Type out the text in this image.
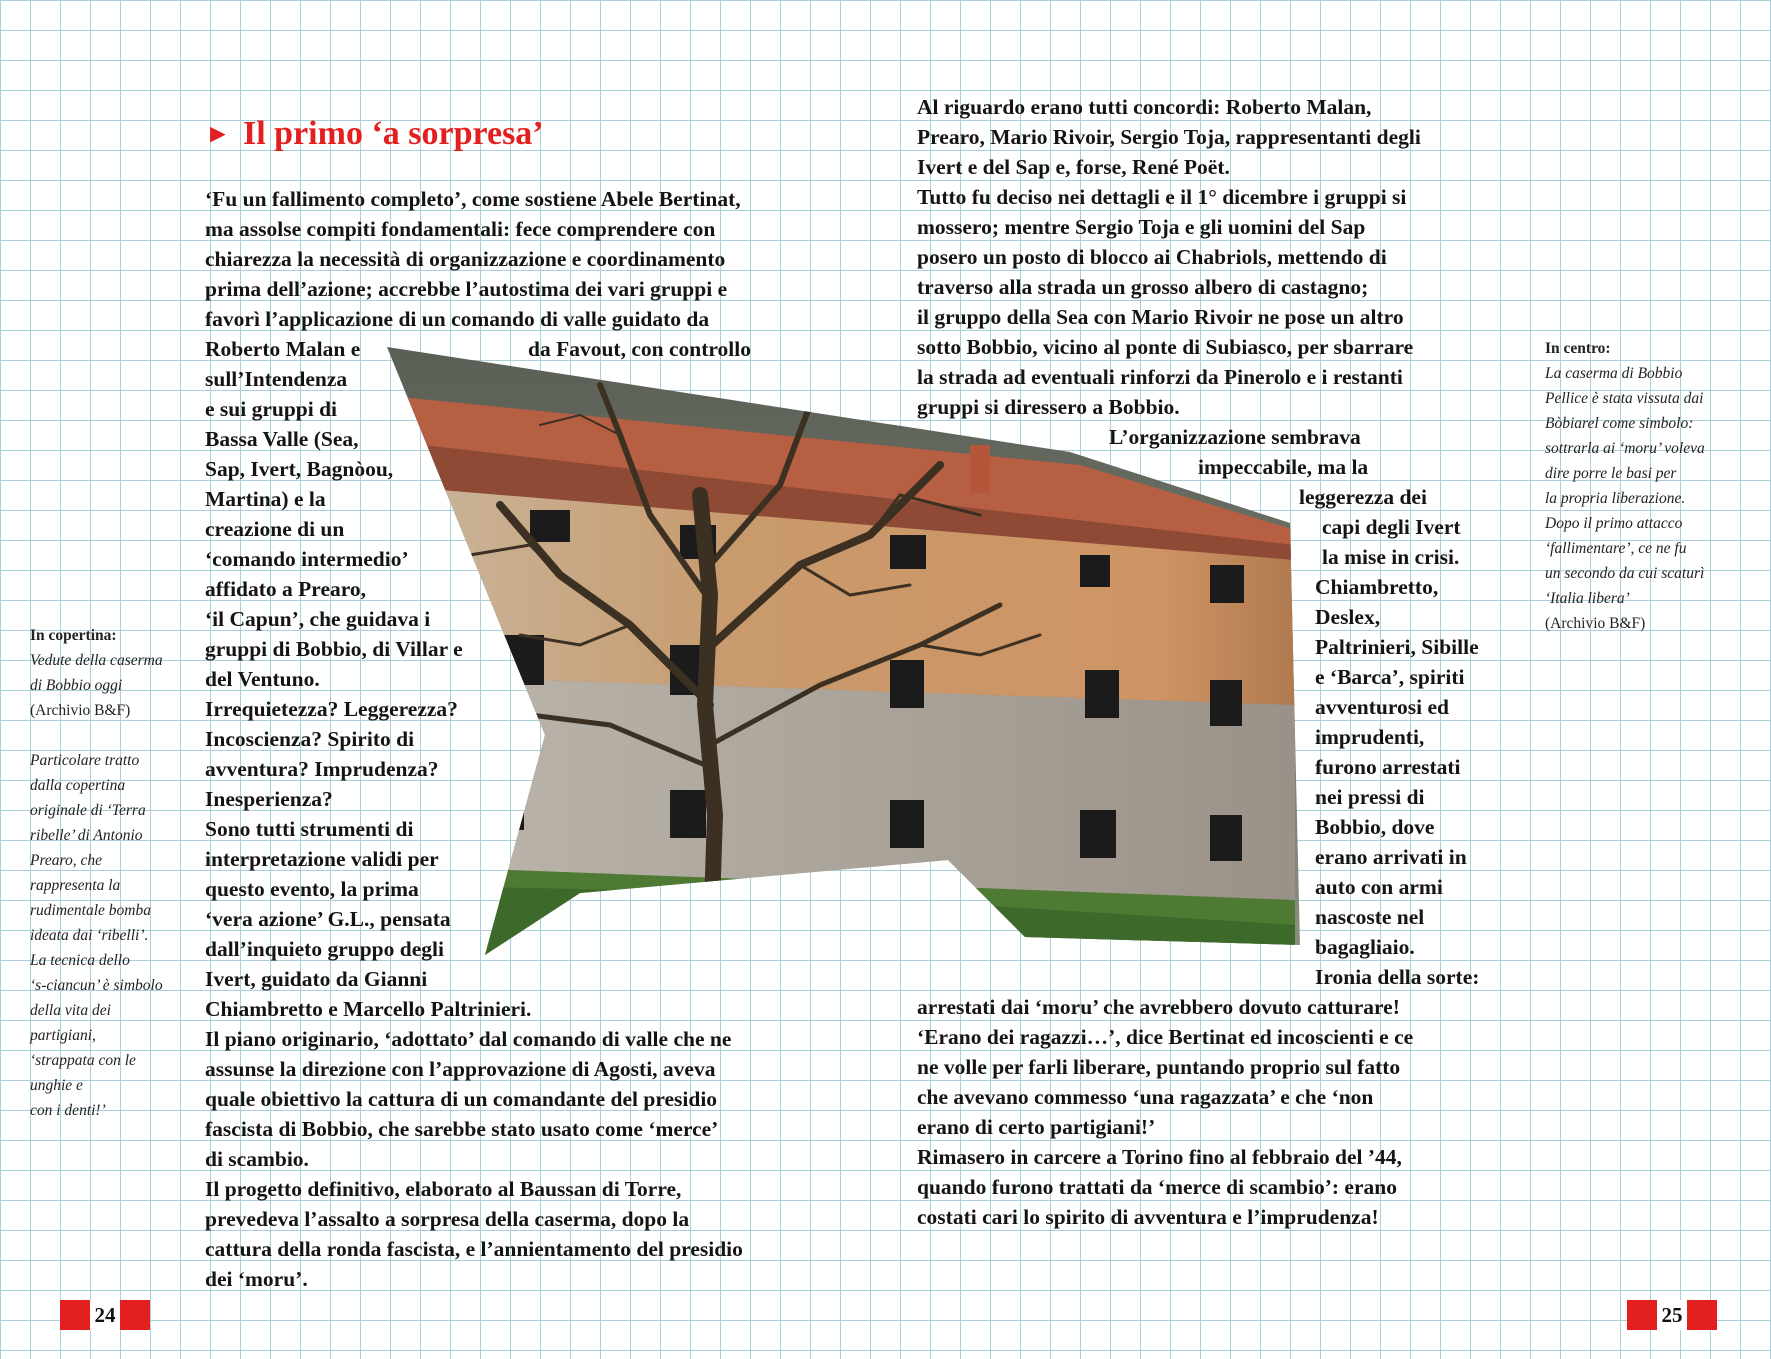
► Il primo ‘a sorpresa’
In copertina:
Vedute della caserma
di Bobbio oggi
(Archivio B&F)
Particolare tratto
dalla copertina
originale di ‘Terra
ribelle’ di Antonio
Prearo, che
rappresenta la
rudimentale bomba
ideata dai ‘ribelli’.
La tecnica dello
‘s-ciancun’ è simbolo
della vita dei
partigiani,
‘strappata con le
unghie e
con i denti!’
In centro:
La caserma di Bobbio
Pellice è stata vissuta dai
Bòbiarel come simbolo:
sottrarla ai ‘moru’ voleva
dire porre le basi per
la propria liberazione.
Dopo il primo attacco
‘fallimentare’, ce ne fu
un secondo da cui scaturì
‘Italia libera’
(Archivio B&F)
‘Fu un fallimento completo’, come sostiene Abele Bertinat,
ma assolse compiti fondamentali: fece comprendere con
chiarezza la necessità di organizzazione e coordinamento
prima dell’azione; accrebbe l’autostima dei vari gruppi e
favorì l’applicazione di un comando di valle guidato da
Roberto Malan e	da Favout, con controllo
sull’Intendenza
e sui gruppi di
Bassa Valle (Sea,
Sap, Ivert, Bagnòou,
Martina) e la
creazione di un
‘comando intermedio’
affidato a Prearo,
‘il Capun’, che guidava i
gruppi di Bobbio, di Villar e
del Ventuno.
Irrequietezza? Leggerezza?
Incoscienza? Spirito di
avventura? Imprudenza?
Inesperienza?
Sono tutti strumenti di
interpretazione validi per
questo evento, la prima
‘vera azione’ G.L., pensata
dall’inquieto gruppo degli
Ivert, guidato da Gianni
Chiambretto e Marcello Paltrinieri.
Il piano originario, ‘adottato’ dal comando di valle che ne
assunse la direzione con l’approvazione di Agosti, aveva
quale obiettivo la cattura di un comandante del presidio
fascista di Bobbio, che sarebbe stato usato come ‘merce’
di scambio.
Il progetto definitivo, elaborato al Baussan di Torre,
prevedeva l’assalto a sorpresa della caserma, dopo la
cattura della ronda fascista, e l’annientamento del presidio
dei ‘moru’.
Al riguardo erano tutti concordi: Roberto Malan,
Prearo, Mario Rivoir, Sergio Toja, rappresentanti degli
Ivert e del Sap e, forse, René Poët.
Tutto fu deciso nei dettagli e il 1° dicembre i gruppi si
mossero; mentre Sergio Toja e gli uomini del Sap
posero un posto di blocco ai Chabriols, mettendo di
traverso alla strada un grosso albero di castagno;
il gruppo della Sea con Mario Rivoir ne pose un altro
sotto Bobbio, vicino al ponte di Subiasco, per sbarrare
la strada ad eventuali rinforzi da Pinerolo e i restanti
gruppi si diressero a Bobbio.
L’organizzazione sembrava
impeccabile, ma la
leggerezza dei
capi degli Ivert
la mise in crisi.
Chiambretto,
Deslex,
Paltrinieri, Sibille
e ‘Barca’, spiriti
avventurosi ed
imprudenti,
furono arrestati
nei pressi di
Bobbio, dove
erano arrivati in
auto con armi
nascoste nel
bagagliaio.
Ironia della sorte:
arrestati dai ‘moru’ che avrebbero dovuto catturare!
‘Erano dei ragazzi…’, dice Bertinat ed incoscienti e ce
ne volle per farli liberare, puntando proprio sul fatto
che avevano commesso ‘una ragazzata’ e che ‘non
erano di certo partigiani!’
Rimasero in carcere a Torino fino al febbraio del ’44,
quando furono trattati da ‘merce di scambio’: erano
costati cari lo spirito di avventura e l’imprudenza!
24	25
